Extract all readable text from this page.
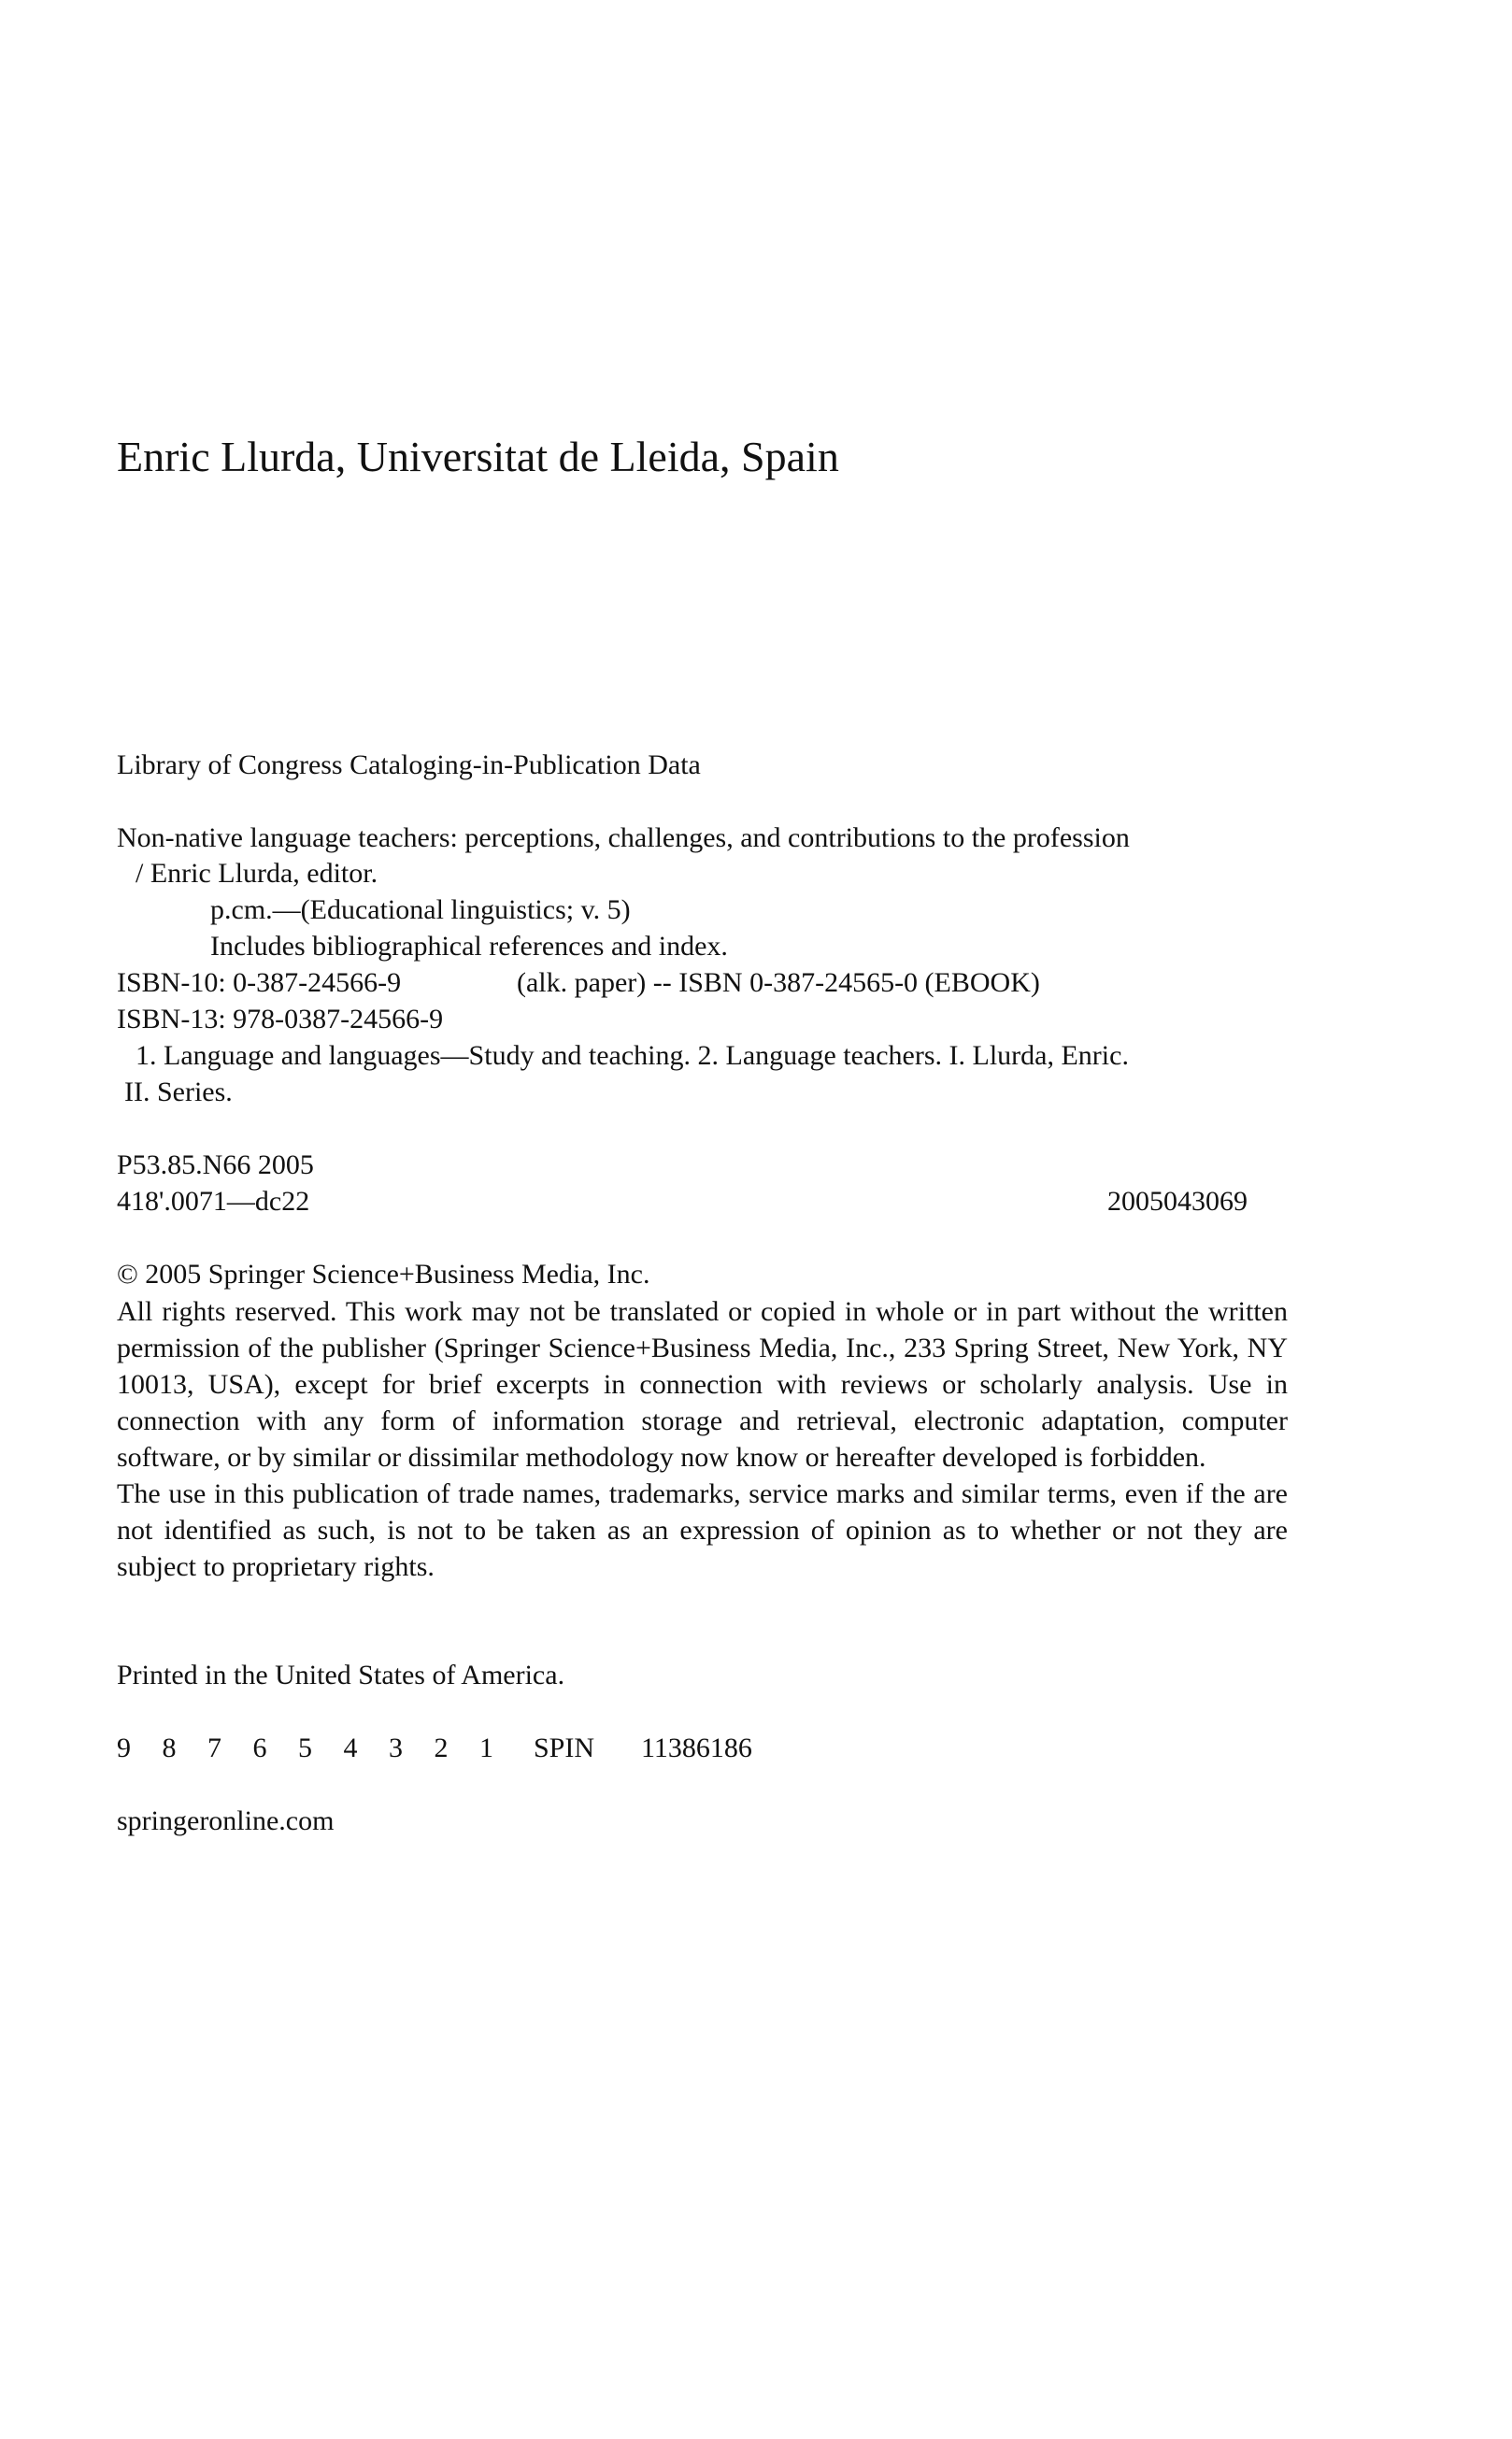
Enric Llurda, Universitat de Lleida, Spain
Library of Congress Cataloging-in-Publication Data
Non-native language teachers: perceptions, challenges, and contributions to the profession
/ Enric Llurda, editor.
p.cm.—(Educational linguistics; v. 5)
Includes bibliographical references and index.
ISBN-10: 0-387-24566-9	(alk. paper) -- ISBN 0-387-24565-0 (EBOOK)
ISBN-13: 978-0387-24566-9
1. Language and languages—Study and teaching. 2. Language teachers. I. Llurda, Enric.
II. Series.
P53.85.N66 2005
418'.0071—dc22	2005043069
© 2005 Springer Science+Business Media, Inc.

All rights reserved. This work may not be translated or copied in whole or in part without the written permission of the publisher (Springer Science+Business Media, Inc., 233 Spring Street, New York, NY 10013, USA), except for brief excerpts in connection with reviews or scholarly analysis. Use in connection with any form of information storage and retrieval, electronic adaptation, computer software, or by similar or dissimilar methodology now know or hereafter developed is forbidden.

The use in this publication of trade names, trademarks, service marks and similar terms, even if the are not identified as such, is not to be taken as an expression of opinion as to whether or not they are subject to proprietary rights.

Printed in the United States of America.
9 8 7 6 5 4 3 2 1 SPIN 11386186
springeronline.com
